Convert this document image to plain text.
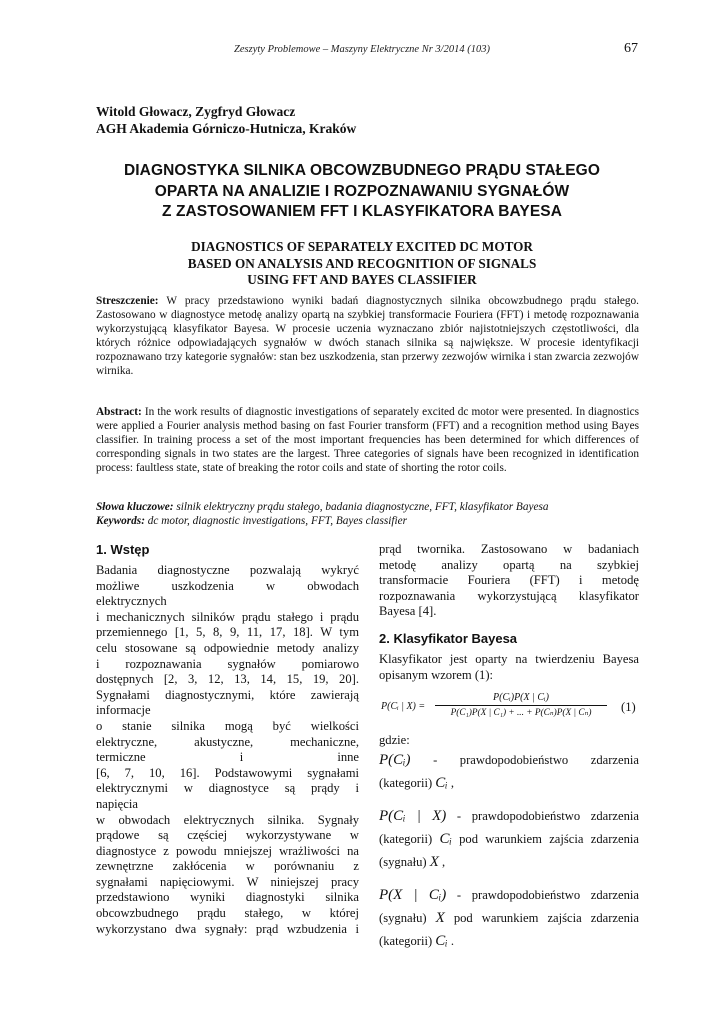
Zeszyty Problemowe – Maszyny Elektryczne Nr 3/2014 (103)	67
Witold Głowacz, Zygfryd Głowacz
AGH Akademia Górniczo-Hutnicza, Kraków
DIAGNOSTYKA SILNIKA OBCOWZBUDNEGO PRĄDU STAŁEGO
OPARTA NA ANALIZIE I ROZPOZNAWANIU SYGNAŁÓW
Z ZASTOSOWANIEM FFT I KLASYFIKATORA BAYESA
DIAGNOSTICS OF SEPARATELY EXCITED DC MOTOR
BASED ON ANALYSIS AND RECOGNITION OF SIGNALS
USING FFT AND BAYES CLASSIFIER
Streszczenie: W pracy przedstawiono wyniki badań diagnostycznych silnika obcowzbudnego prądu stałego. Zastosowano w diagnostyce metodę analizy opartą na szybkiej transformacie Fouriera (FFT) i metodę rozpoznawania wykorzystującą klasyfikator Bayesa. W procesie uczenia wyznaczano zbiór najistotniejszych częstotliwości, dla których różnice odpowiadających sygnałów w dwóch stanach silnika są największe. W procesie identyfikacji rozpoznawano trzy kategorie sygnałów: stan bez uszkodzenia, stan przerwy zezwojów wirnika i stan zwarcia zezwojów wirnika.
Abstract: In the work results of diagnostic investigations of separately excited dc motor were presented. In diagnostics were applied a Fourier analysis method basing on fast Fourier transform (FFT) and a recognition method using Bayes classifier. In training process a set of the most important frequencies has been determined for which differences of corresponding signals in two states are the largest. Three categories of signals have been recognized in identification process: faultless state, state of breaking the rotor coils and state of shorting the rotor coils.
Słowa kluczowe: silnik elektryczny prądu stałego, badania diagnostyczne, FFT, klasyfikator Bayesa
Keywords: dc motor, diagnostic investigations, FFT, Bayes classifier
1. Wstęp
Badania diagnostyczne pozwalają wykryć
możliwe uszkodzenia w obwodach
elektrycznych
i mechanicznych silników prądu stałego i prądu
przemiennego [1, 5, 8, 9, 11, 17, 18]. W tym
celu stosowane są odpowiednie metody analizy
i rozpoznawania sygnałów pomiarowo
dostępnych [2, 3, 12, 13, 14, 15, 19, 20].
Sygnałami diagnostycznymi, które zawierają
informacje
o stanie silnika mogą być wielkości
elektryczne, akustyczne, mechaniczne,
termiczne i inne
[6, 7, 10, 16]. Podstawowymi sygnałami
elektrycznymi w diagnostyce są prądy i
napięcia
w obwodach elektrycznych silnika. Sygnały
prądowe są częściej wykorzystywane w
diagnostyce z powodu mniejszej wrażliwości na
zewnętrzne zakłócenia w porównaniu z
sygnałami napięciowymi. W niniejszej pracy
przedstawiono wyniki diagnostyki silnika
obcowzbudnego prądu stałego, w której
wykorzystano dwa sygnały: prąd wzbudzenia i
prąd twornika. Zastosowano w badaniach
metodę analizy opartą na szybkiej
transformacie Fouriera (FFT) i metodę
rozpoznawania wykorzystującą klasyfikator
Bayesa [4].
2. Klasyfikator Bayesa
Klasyfikator jest oparty na twierdzeniu Bayesa
opisanym wzorem (1):
P(Cᵢ | X) =
P(Cᵢ)P(X | Cᵢ)
P(C₁)P(X | C₁) + ... + P(Cₙ)P(X | Cₙ)	(1)
gdzie:
P(Cᵢ) - prawdopodobieństwo zdarzenia
(kategorii) Cᵢ ,
P(Cᵢ | X) - prawdopodobieństwo zdarzenia
(kategorii) Cᵢ pod warunkiem zajścia zdarzenia
(sygnału) X ,
P(X | Cᵢ) - prawdopodobieństwo zdarzenia
(sygnału) X pod warunkiem zajścia zdarzenia
(kategorii) Cᵢ .
